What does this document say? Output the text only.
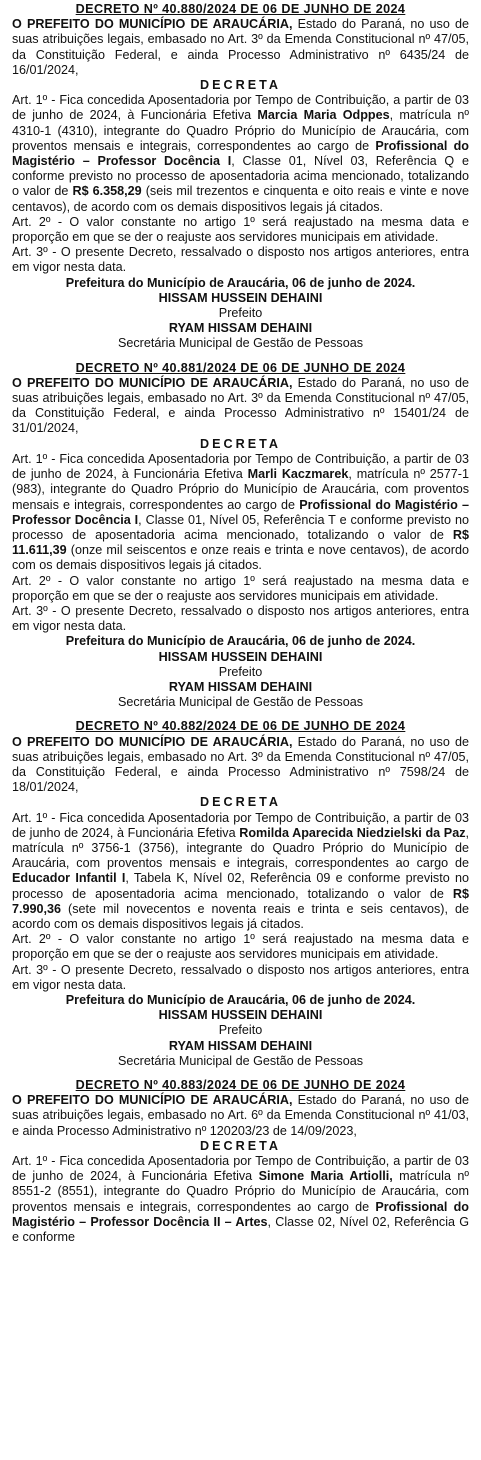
DECRETO Nº 40.880/2024 DE 06 DE JUNHO DE 2024
O PREFEITO DO MUNICÍPIO DE ARAUCÁRIA, Estado do Paraná, no uso de suas atribuições legais, embasado no Art. 3º da Emenda Constitucional nº 47/05, da Constituição Federal, e ainda Processo Administrativo nº 6435/24 de 16/01/2024,
DECRETA
Art. 1º - Fica concedida Aposentadoria por Tempo de Contribuição, a partir de 03 de junho de 2024, à Funcionária Efetiva Marcia Maria Odppes, matrícula nº 4310-1 (4310), integrante do Quadro Próprio do Município de Araucária, com proventos mensais e integrais, correspondentes ao cargo de Profissional do Magistério – Professor Docência I, Classe 01, Nível 03, Referência Q e conforme previsto no processo de aposentadoria acima mencionado, totalizando o valor de R$ 6.358,29 (seis mil trezentos e cinquenta e oito reais e vinte e nove centavos), de acordo com os demais dispositivos legais já citados.
Art. 2º - O valor constante no artigo 1º será reajustado na mesma data e proporção em que se der o reajuste aos servidores municipais em atividade.
Art. 3º - O presente Decreto, ressalvado o disposto nos artigos anteriores, entra em vigor nesta data.
Prefeitura do Município de Araucária, 06 de junho de 2024.
HISSAM HUSSEIN DEHAINI
Prefeito
RYAM HISSAM DEHAINI
Secretária Municipal de Gestão de Pessoas
DECRETO Nº 40.881/2024 DE 06 DE JUNHO DE 2024
O PREFEITO DO MUNICÍPIO DE ARAUCÁRIA, Estado do Paraná, no uso de suas atribuições legais, embasado no Art. 3º da Emenda Constitucional nº 47/05, da Constituição Federal, e ainda Processo Administrativo nº 15401/24 de 31/01/2024,
DECRETA
Art. 1º - Fica concedida Aposentadoria por Tempo de Contribuição, a partir de 03 de junho de 2024, à Funcionária Efetiva Marli Kaczmarek, matrícula nº 2577-1 (983), integrante do Quadro Próprio do Município de Araucária, com proventos mensais e integrais, correspondentes ao cargo de Profissional do Magistério – Professor Docência I, Classe 01, Nível 05, Referência T e conforme previsto no processo de aposentadoria acima mencionado, totalizando o valor de R$ 11.611,39 (onze mil seiscentos e onze reais e trinta e nove centavos), de acordo com os demais dispositivos legais já citados.
Art. 2º - O valor constante no artigo 1º será reajustado na mesma data e proporção em que se der o reajuste aos servidores municipais em atividade.
Art. 3º - O presente Decreto, ressalvado o disposto nos artigos anteriores, entra em vigor nesta data.
Prefeitura do Município de Araucária, 06 de junho de 2024.
HISSAM HUSSEIN DEHAINI
Prefeito
RYAM HISSAM DEHAINI
Secretária Municipal de Gestão de Pessoas
DECRETO Nº 40.882/2024 DE 06 DE JUNHO DE 2024
O PREFEITO DO MUNICÍPIO DE ARAUCÁRIA, Estado do Paraná, no uso de suas atribuições legais, embasado no Art. 3º da Emenda Constitucional nº 47/05, da Constituição Federal, e ainda Processo Administrativo nº 7598/24 de 18/01/2024,
DECRETA
Art. 1º - Fica concedida Aposentadoria por Tempo de Contribuição, a partir de 03 de junho de 2024, à Funcionária Efetiva Romilda Aparecida Niedzielski da Paz, matrícula nº 3756-1 (3756), integrante do Quadro Próprio do Município de Araucária, com proventos mensais e integrais, correspondentes ao cargo de Educador Infantil I, Tabela K, Nível 02, Referência 09 e conforme previsto no processo de aposentadoria acima mencionado, totalizando o valor de R$ 7.990,36 (sete mil novecentos e noventa reais e trinta e seis centavos), de acordo com os demais dispositivos legais já citados.
Art. 2º - O valor constante no artigo 1º será reajustado na mesma data e proporção em que se der o reajuste aos servidores municipais em atividade.
Art. 3º - O presente Decreto, ressalvado o disposto nos artigos anteriores, entra em vigor nesta data.
Prefeitura do Município de Araucária, 06 de junho de 2024.
HISSAM HUSSEIN DEHAINI
Prefeito
RYAM HISSAM DEHAINI
Secretária Municipal de Gestão de Pessoas
DECRETO Nº 40.883/2024 DE 06 DE JUNHO DE 2024
O PREFEITO DO MUNICÍPIO DE ARAUCÁRIA, Estado do Paraná, no uso de suas atribuições legais, embasado no Art. 6º da Emenda Constitucional nº 41/03, e ainda Processo Administrativo nº 120203/23 de 14/09/2023,
DECRETA
Art. 1º - Fica concedida Aposentadoria por Tempo de Contribuição, a partir de 03 de junho de 2024, à Funcionária Efetiva Simone Maria Artiolli, matrícula nº 8551-2 (8551), integrante do Quadro Próprio do Município de Araucária, com proventos mensais e integrais, correspondentes ao cargo de Profissional do Magistério – Professor Docência II – Artes, Classe 02, Nível 02, Referência G e conforme
